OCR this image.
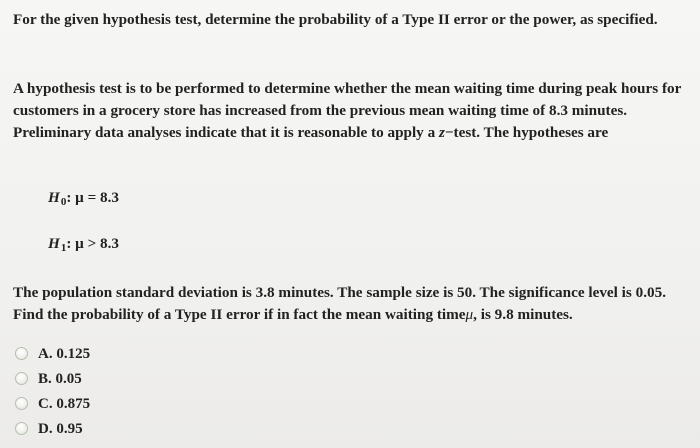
For the given hypothesis test, determine the probability of a Type II error or the power, as specified.

A hypothesis test is to be performed to determine whether the mean waiting time during peak hours for customers in a grocery store has increased from the previous mean waiting time of 8.3 minutes. Preliminary data analyses indicate that it is reasonable to apply a z−test. The hypotheses are

$H_0$: μ = 8.3
$H_1$: μ > 8.3

The population standard deviation is 3.8 minutes. The sample size is 50. The significance level is 0.05. Find the probability of a Type II error if in fact the mean waiting timeμ, is 9.8 minutes.

A. 0.125
B. 0.05
C. 0.875
D. 0.95
